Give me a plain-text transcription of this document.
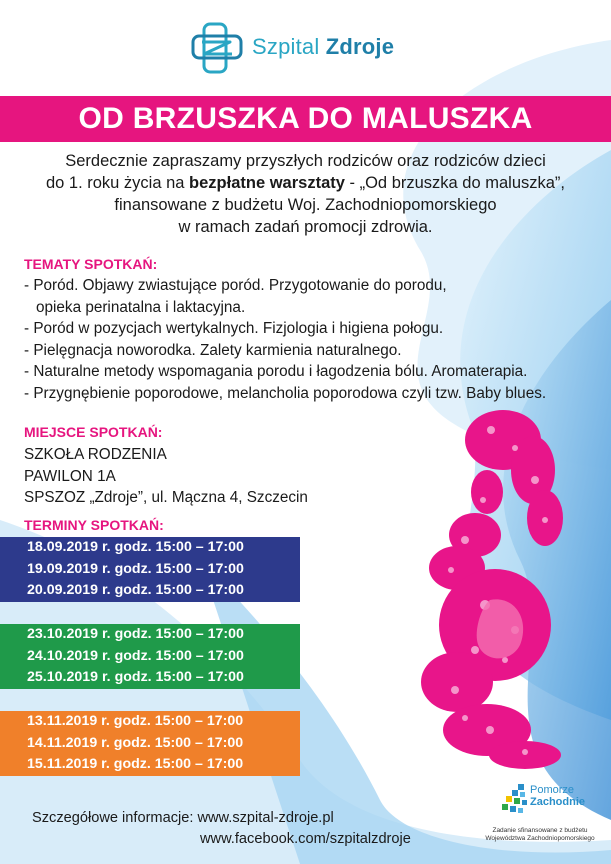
Szpital Zdroje
OD BRZUSZKA DO MALUSZKA
Serdecznie zapraszamy przyszłych rodziców oraz rodziców dzieci
do 1. roku życia na bezpłatne warsztaty - „Od brzuszka do maluszka”,
finansowane z budżetu Woj. Zachodniopomorskiego
w ramach zadań promocji zdrowia.
TEMATY SPOTKAŃ:
- Poród. Objawy zwiastujące poród. Przygotowanie do porodu,
opieka perinatalna i laktacyjna.
- Poród w pozycjach wertykalnych. Fizjologia i higiena połogu.
- Pielęgnacja noworodka. Zalety karmienia naturalnego.
- Naturalne metody wspomagania porodu i łagodzenia bólu. Aromaterapia.
- Przygnębienie poporodowe, melancholia poporodowa czyli tzw. Baby blues.
MIEJSCE SPOTKAŃ:
SZKOŁA RODZENIA
PAWILON 1A
SPSZOZ „Zdroje”, ul. Mączna 4, Szczecin
TERMINY SPOTKAŃ:
18.09.2019 r. godz. 15:00 – 17:00
19.09.2019 r. godz. 15:00 – 17:00
20.09.2019 r. godz. 15:00 – 17:00
23.10.2019 r. godz. 15:00 – 17:00
24.10.2019 r. godz. 15:00 – 17:00
25.10.2019 r. godz. 15:00 – 17:00
13.11.2019 r. godz. 15:00 – 17:00
14.11.2019 r. godz. 15:00 – 17:00
15.11.2019 r. godz. 15:00 – 17:00
Szczegółowe informacje: www.szpital-zdroje.pl
www.facebook.com/szpitalzdroje
Pomorze
Zachodnie
Zadanie sfinansowane z budżetu
Województwa Zachodniopomorskiego
